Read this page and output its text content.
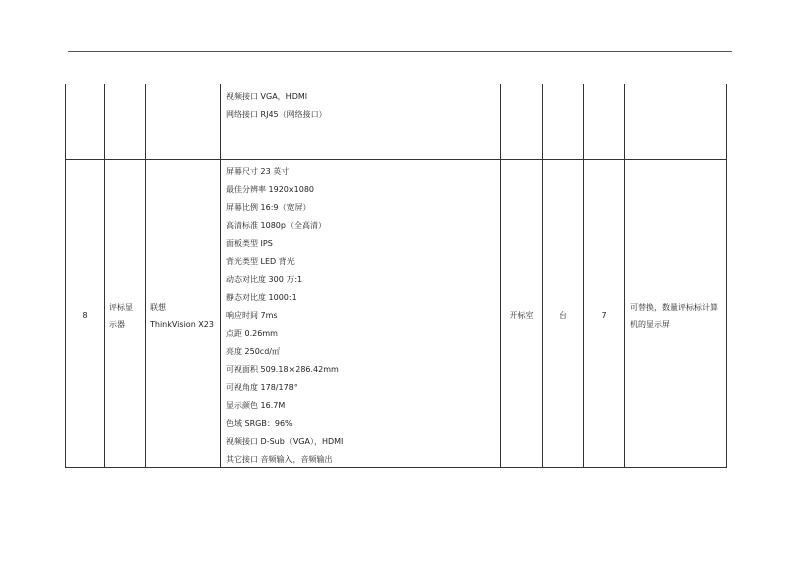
视频接口 VGA，HDMI
网络接口 RJ45（网络接口）
8
评标显
示器
联想
ThinkVision X23
屏幕尺寸 23 英寸
最佳分辨率 1920x1080
屏幕比例 16:9（宽屏）
高清标准 1080p（全高清）
面板类型 IPS
背光类型 LED 背光
动态对比度 300 万:1
静态对比度 1000:1
响应时间 7ms
点距 0.26mm
亮度 250cd/㎡
可视面积 509.18×286.42mm
可视角度 178/178°
显示颜色 16.7M
色域 SRGB：96%
视频接口 D-Sub（VGA），HDMI
其它接口 音频输入，音频输出
开标室	台	7
可替换，数量评标标计算
机的显示屏
